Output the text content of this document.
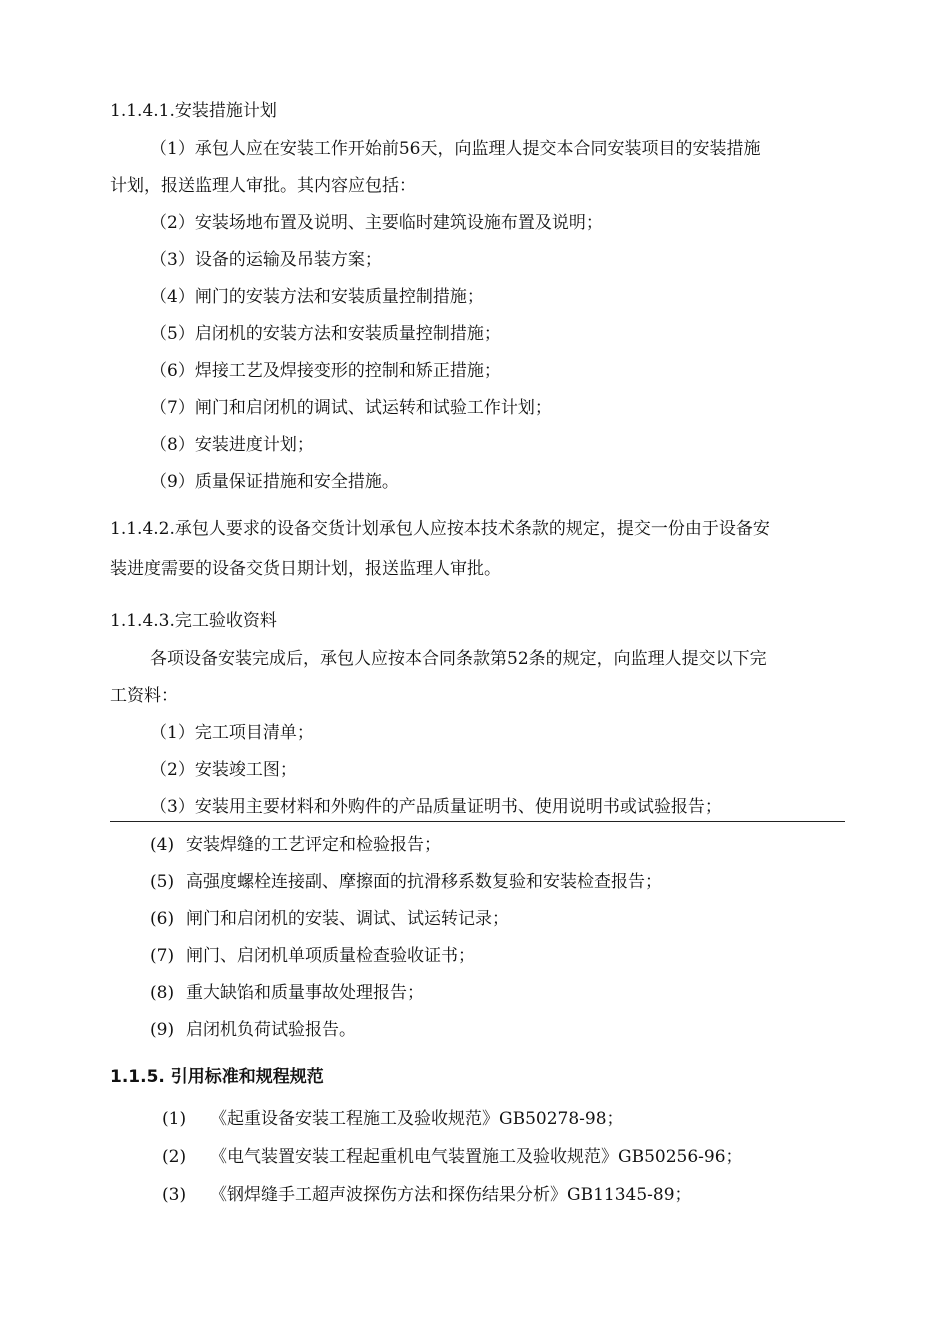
1.1.4.1.安装措施计划
（1）承包人应在安装工作开始前56天，向监理人提交本合同安装项目的安装措施
计划，报送监理人审批。其内容应包括：
（2）安装场地布置及说明、主要临时建筑设施布置及说明；
（3）设备的运输及吊装方案；
（4）闸门的安装方法和安装质量控制措施；
（5）启闭机的安装方法和安装质量控制措施；
（6）焊接工艺及焊接变形的控制和矫正措施；
（7）闸门和启闭机的调试、试运转和试验工作计划；
（8）安装进度计划；
（9）质量保证措施和安全措施。
1.1.4.2.承包人要求的设备交货计划承包人应按本技术条款的规定，提交一份由于设备安
装进度需要的设备交货日期计划，报送监理人审批。
1.1.4.3.完工验收资料
各项设备安装完成后，承包人应按本合同条款第52条的规定，向监理人提交以下完
工资料：
（1）完工项目清单；
（2）安装竣工图；
（3）安装用主要材料和外购件的产品质量证明书、使用说明书或试验报告；
(4) 安装焊缝的工艺评定和检验报告；
(5) 高强度螺栓连接副、摩擦面的抗滑移系数复验和安装检查报告；
(6) 闸门和启闭机的安装、调试、试运转记录；
(7) 闸门、启闭机单项质量检查验收证书；
(8) 重大缺馅和质量事故处理报告；
(9) 启闭机负荷试验报告。
1.1.5. 引用标准和规程规范
(1) 《起重设备安装工程施工及验收规范》GB50278-98；
(2) 《电气装置安装工程起重机电气装置施工及验收规范》GB50256-96；
(3) 《钢焊缝手工超声波探伤方法和探伤结果分析》GB11345-89；
